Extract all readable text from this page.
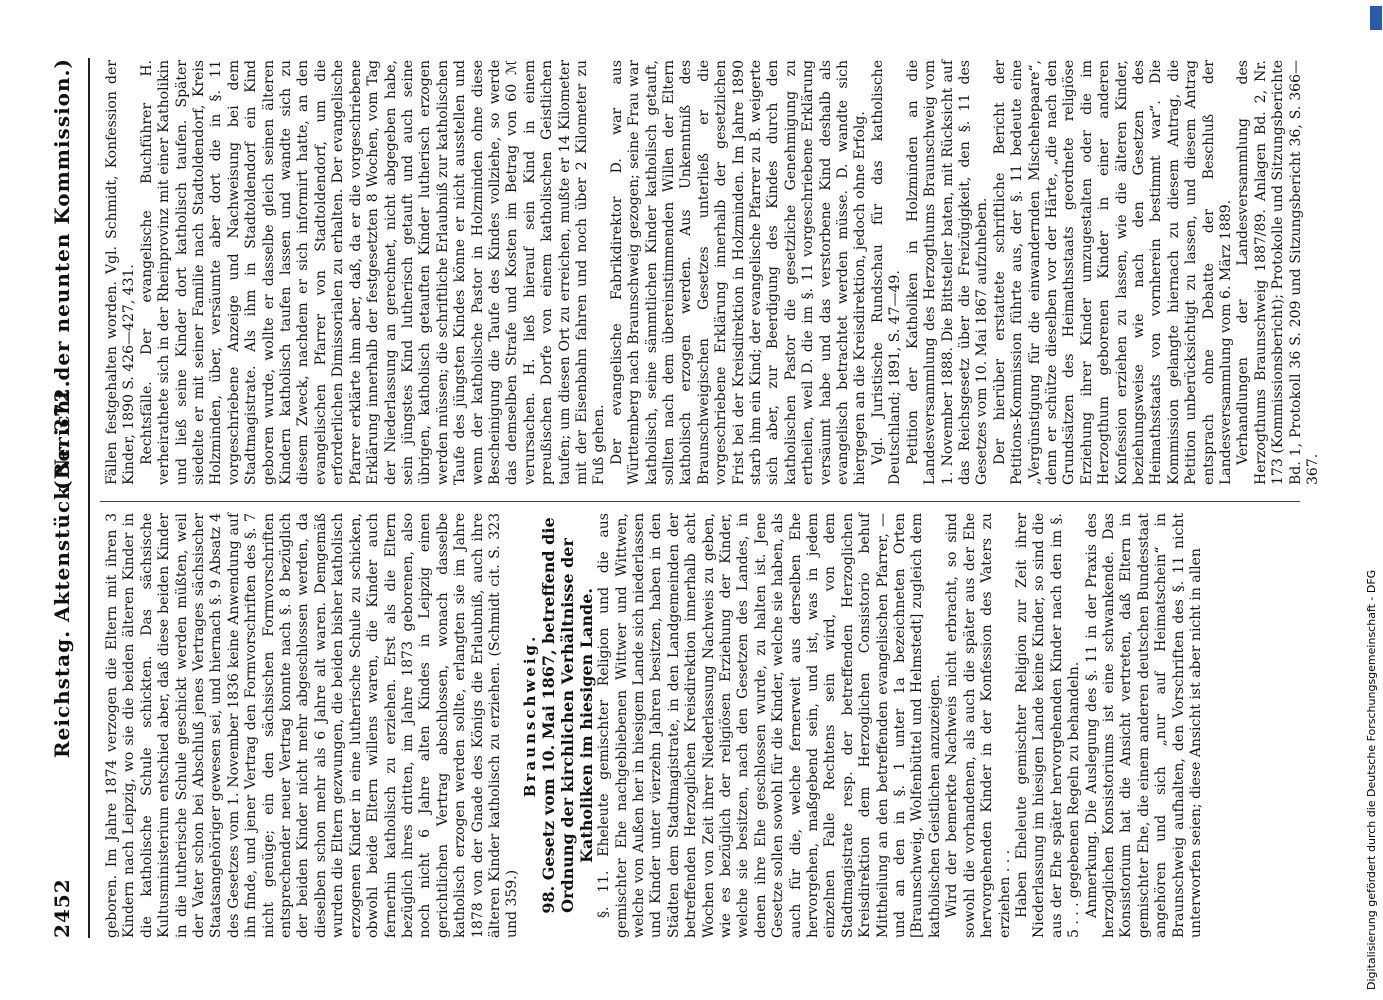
2452
Reichstag. Aktenstück Nr. 372.
(Bericht der neunten Kommission.)

geboren. Im Jahre 1874 verzogen die Eltern mit ihren 3 Kindern nach Leipzig, wo sie die beiden älteren Kinder in die katholische Schule schickten. Das sächsische Kultusministerium entschied aber, daß diese beiden Kinder in die lutherische Schule geschickt werden müßten, weil der Vater schon bei Abschluß jenes Vertrages sächsischer Staatsangehöriger gewesen sei, und hiernach §. 9 Absatz 4 des Gesetzes vom 1. November 1836 keine Anwendung auf ihn finde, und jener Vertrag den Formvorschriften des §. 7 nicht genüge; ein den sächsischen Formvorschriften entsprechender neuer Vertrag konnte nach §. 8 bezüglich der beiden Kinder nicht mehr abgeschlossen werden, da dieselben schon mehr als 6 Jahre alt waren. Demgemäß wurden die Eltern gezwungen, die beiden bisher katholisch erzogenen Kinder in eine lutherische Schule zu schicken, obwohl beide Eltern willens waren, die Kinder auch fernerhin katholisch zu erziehen. Erst als die Eltern bezüglich ihres dritten, im Jahre 1873 geborenen, also noch nicht 6 Jahre alten Kindes in Leipzig einen gerichtlichen Vertrag abschlossen, wonach dasselbe katholisch erzogen werden sollte, erlangten sie im Jahre 1878 von der Gnade des Königs die Erlaubniß, auch ihre älteren Kinder katholisch zu erziehen. (Schmidt cit. S. 323 und 359.)

Braunschweig. 98. Gesetz vom 10. Mai 1867, betreffend die Ordnung der kirchlichen Verhältnisse der Katholiken im hiesigen Lande. §. 11. Eheleute gemischter Religion und die aus gemischter Ehe nachgebliebenen Wittwer und Wittwen, welche von Außen her in hiesigem Lande sich niederlassen und Kinder unter vierzehn Jahren besitzen, haben in den Städten dem Stadtmagistrate, in den Landgemeinden der betreffenden Herzoglichen Kreisdirektion innerhalb acht Wochen von Zeit ihrer Niederlassung Nachweis zu geben, wie es bezüglich der religiösen Erziehung der Kinder, welche sie besitzen, nach den Gesetzen des Landes, in denen ihre Ehe geschlossen wurde, zu halten ist. Jene Gesetze sollen sowohl für die Kinder, welche sie haben, als auch für die, welche fernerweit aus derselben Ehe hervorgehen, maßgebend sein, und ist, was in jedem einzelnen Falle Rechtens sein wird, von dem Stadtmagistrate resp. der betreffenden Herzoglichen Kreisdirektion dem Herzoglichen Consistorio behuf Mittheilung an den betreffenden evangelischen Pfarrer, — und an den in §. 1 unter 1a bezeichneten Orten [Braunschweig, Wolfenbüttel und Helmstedt] zugleich dem katholischen Geistlichen anzuzeigen. Wird der bemerkte Nachweis nicht erbracht, so sind sowohl die vorhandenen, als auch die später aus der Ehe hervorgehenden Kinder in der Konfession des Vaters zu erziehen . . . Haben Eheleute gemischter Religion zur Zeit ihrer Niederlassung im hiesigen Lande keine Kinder, so sind die aus der Ehe später hervorgehenden Kinder nach den im §. 5 . . . gegebenen Regeln zu behandeln. Anmerkung. Die Auslegung des §. 11 in der Praxis des herzoglichen Konsistoriums ist eine schwankende. Das Konsistorium hat die Ansicht vertreten, daß Eltern in gemischter Ehe, die einem anderen deutschen Bundesstaat angehören und sich „nur auf Heimatschein“ in Braunschweig aufhalten, den Vorschriften des §. 11 nicht unterworfen seien; diese Ansicht ist aber nicht in allen

Fällen festgehalten worden. Vgl. Schmidt, Konfession der Kinder, 1890 S. 426—427, 431. Rechtsfälle. Der evangelische Buchführer H. verheirathete sich in der Rheinprovinz mit einer Katholikin und ließ seine Kinder dort katholisch taufen. Später siedelte er mit seiner Familie nach Stadtoldendorf, Kreis Holzminden, über, versäumte aber dort die in §. 11 vorgeschriebene Anzeige und Nachweisung bei dem Stadtmagistrate. Als ihm in Stadtoldendorf ein Kind geboren wurde, wollte er dasselbe gleich seinen älteren Kindern katholisch taufen lassen und wandte sich zu diesem Zweck, nachdem er sich informirt hatte, an den evangelischen Pfarrer von Stadtoldendorf, um die erforderlichen Dimissorialen zu erhalten. Der evangelische Pfarrer erklärte ihm aber, daß, da er die vorgeschriebene Erklärung innerhalb der festgesetzten 8 Wochen, vom Tag der Niederlassung an gerechnet, nicht abgegeben habe, sein jüngstes Kind lutherisch getauft und auch seine übrigen, katholisch getauften Kinder lutherisch erzogen werden müssen; die schriftliche Erlaubniß zur katholischen Taufe des jüngsten Kindes könne er nicht ausstellen und wenn der katholische Pastor in Holzminden ohne diese Bescheinigung die Taufe des Kindes vollziehe, so werde das demselben Strafe und Kosten im Betrag von 60 ℳ verursachen. H. ließ hierauf sein Kind in einem preußischen Dorfe von einem katholischen Geistlichen taufen; um diesen Ort zu erreichen, mußte er 14 Kilometer mit der Eisenbahn fahren und noch über 2 Kilometer zu Fuß gehen. Der evangelische Fabrikdirektor D. war aus Württemberg nach Braunschweig gezogen; seine Frau war katholisch, seine sämmtlichen Kinder katholisch getauft, sollten nach dem übereinstimmenden Willen der Eltern katholisch erzogen werden. Aus Unkenntniß des Braunschweigischen Gesetzes unterließ er die vorgeschriebene Erklärung innerhalb der gesetzlichen Frist bei der Kreisdirektion in Holzminden. Im Jahre 1890 starb ihm ein Kind; der evangelische Pfarrer zu B. weigerte sich aber, zur Beerdigung des Kindes durch den katholischen Pastor die gesetzliche Genehmigung zu ertheilen, weil D. die im §. 11 vorgeschriebene Erklärung versäumt habe und das verstorbene Kind deshalb als evangelisch betrachtet werden müsse. D. wandte sich hiergegen an die Kreisdirektion, jedoch ohne Erfolg. Vgl. Juristische Rundschau für das katholische Deutschland; 1891, S. 47—49. Petition der Katholiken in Holzminden an die Landesversammlung des Herzogthums Braunschweig vom 1. November 1888. Die Bittsteller baten, mit Rücksicht auf das Reichsgesetz über die Freizügigkeit, den §. 11 des Gesetzes vom 10. Mai 1867 aufzuheben. Der hierüber erstattete schriftliche Bericht der Petitions-Kommission führte aus, der §. 11 bedeute eine „Vergünstigung für die einwandernden Mischehepaare“, denn er schütze dieselben vor der Härte, „die nach den Grundsätzen des Heimathsstaats geordnete religiöse Erziehung ihrer Kinder umzugestalten oder die im Herzogthum geborenen Kinder in einer anderen Konfession erziehen zu lassen, wie die älteren Kinder, beziehungsweise wie nach den Gesetzen des Heimathsstaats von vornherein bestimmt war“. Die Kommission gelangte hiernach zu diesem Antrag, die Petition unberücksichtigt zu lassen, und diesem Antrag entsprach ohne Debatte der Beschluß der Landesversammlung vom 6. März 1889. Verhandlungen der Landesversammlung des Herzogthums Braunschweig 1887/89. Anlagen Bd. 2, Nr. 173 (Kommissionsbericht); Protokolle und Sitzungsberichte Bd. 1, Protokoll 36 S. 209 und Sitzungsbericht 36, S. 366—367.

Digitalisierung gefördert durch die Deutsche Forschungsgemeinschaft - DFG
